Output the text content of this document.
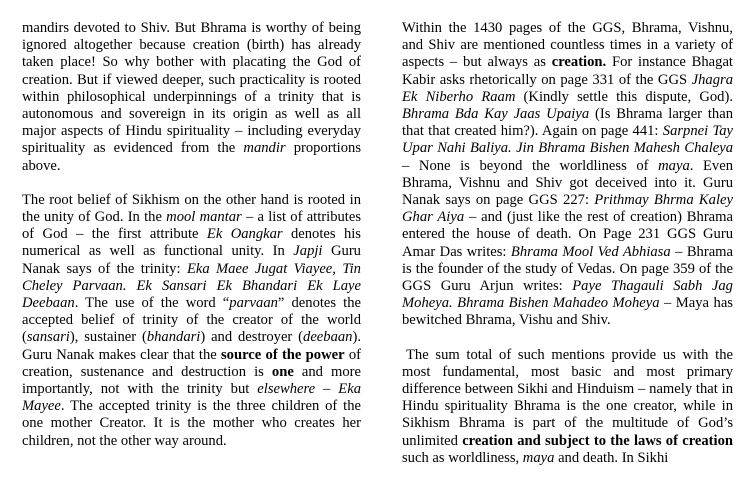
mandirs devoted to Shiv. But Bhrama is worthy of being ignored altogether because creation (birth) has already taken place! So why bother with placating the God of creation. But if viewed deeper, such practicality is rooted within philosophical underpinnings of a trinity that is autonomous and sovereign in its origin as well as all major aspects of Hindu spirituality – including everyday spirituality as evidenced from the mandir proportions above.

The root belief of Sikhism on the other hand is rooted in the unity of God. In the mool mantar – a list of attributes of God – the first attribute Ek Oangkar denotes his numerical as well as functional unity. In Japji Guru Nanak says of the trinity: Eka Maee Jugat Viayee, Tin Cheley Parvaan. Ek Sansari Ek Bhandari Ek Laye Deebaan. The use of the word “parvaan” denotes the accepted belief of trinity of the creator of the world (sansari), sustainer (bhandari) and destroyer (deebaan). Guru Nanak makes clear that the source of the power of creation, sustenance and destruction is one and more importantly, not with the trinity but elsewhere – Eka Mayee. The accepted trinity is the three children of the one mother Creator. It is the mother who creates her children, not the other way around.

Within the 1430 pages of the GGS, Bhrama, Vishnu, and Shiv are mentioned countless times in a variety of aspects – but always as creation. For instance Bhagat Kabir asks rhetorically on page 331 of the GGS Jhagra Ek Niberho Raam (Kindly settle this dispute, God). Bhrama Bda Kay Jaas Upaiya (Is Bhrama larger than that that created him?). Again on page 441: Sarpnei Tay Upar Nahi Baliya. Jin Bhrama Bishen Mahesh Chaleya – None is beyond the worldliness of maya. Even Bhrama, Vishnu and Shiv got deceived into it. Guru Nanak says on page GGS 227: Prithmay Bhrma Kaley Ghar Aiya – and (just like the rest of creation) Bhrama entered the house of death. On Page 231 GGS Guru Amar Das writes: Bhrama Mool Ved Abhiasa – Bhrama is the founder of the study of Vedas. On page 359 of the GGS Guru Arjun writes: Paye Thagauli Sabh Jag Moheya. Bhrama Bishen Mahadeo Moheya – Maya has bewitched Bhrama, Vishu and Shiv.

The sum total of such mentions provide us with the most fundamental, most basic and most primary difference between Sikhi and Hinduism – namely that in Hindu spirituality Bhrama is the one creator, while in Sikhism Bhrama is part of the multitude of God’s unlimited creation and subject to the laws of creation such as worldliness, maya and death. In Sikhi
